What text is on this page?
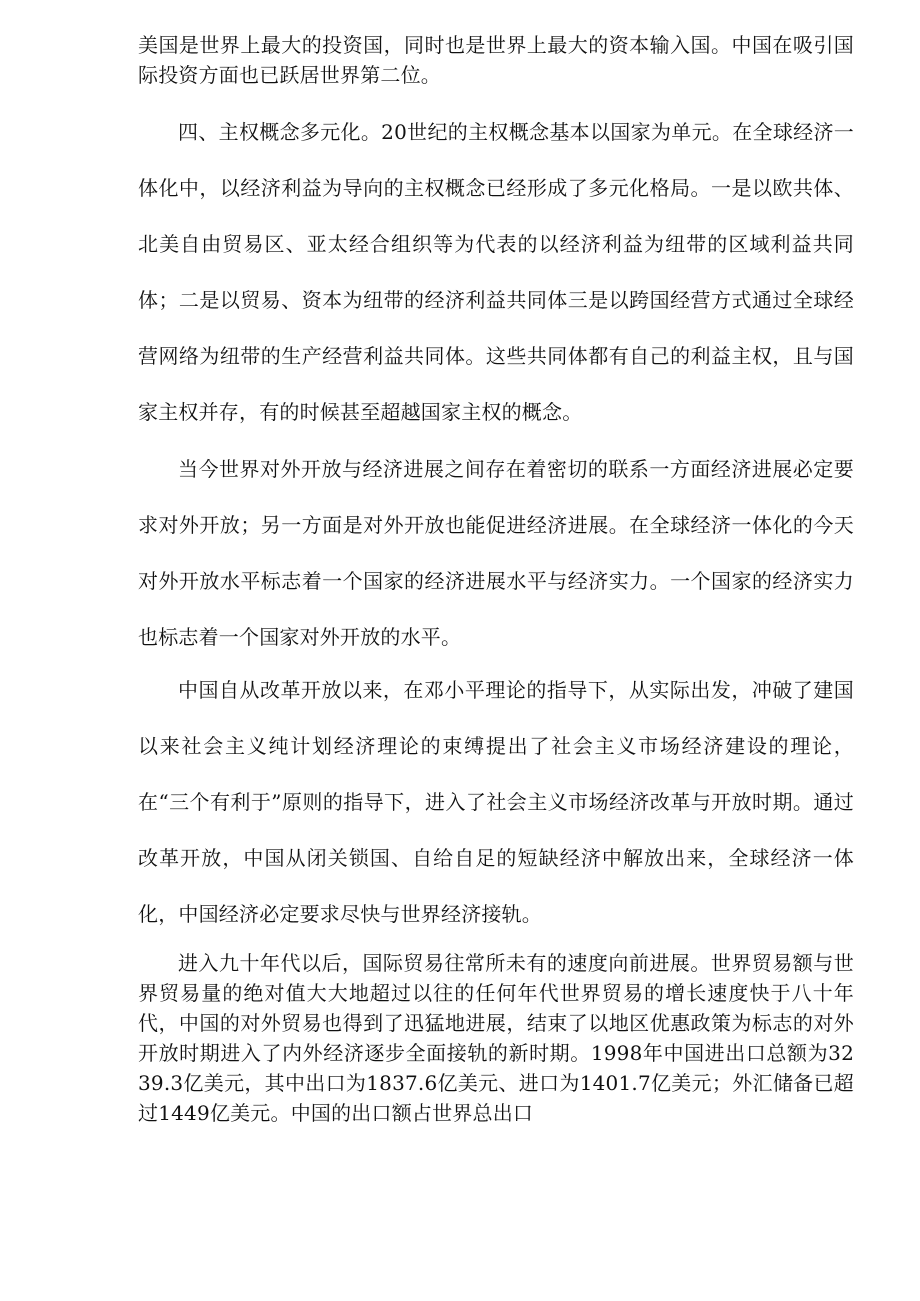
美国是世界上最大的投资国，同时也是世界上最大的资本输入国。中国在吸引国际投资方面也已跃居世界第二位。

四、主权概念多元化。20世纪的主权概念基本以国家为单元。在全球经济一体化中，以经济利益为导向的主权概念已经形成了多元化格局。一是以欧共体、北美自由贸易区、亚太经合组织等为代表的以经济利益为纽带的区域利益共同体；二是以贸易、资本为纽带的经济利益共同体三是以跨国经营方式通过全球经营网络为纽带的生产经营利益共同体。这些共同体都有自己的利益主权，且与国家主权并存，有的时候甚至超越国家主权的概念。

当今世界对外开放与经济进展之间存在着密切的联系一方面经济进展必定要求对外开放；另一方面是对外开放也能促进经济进展。在全球经济一体化的今天对外开放水平标志着一个国家的经济进展水平与经济实力。一个国家的经济实力也标志着一个国家对外开放的水平。

中国自从改革开放以来，在邓小平理论的指导下，从实际出发，冲破了建国以来社会主义纯计划经济理论的束缚提出了社会主义市场经济建设的理论，在“三个有利于”原则的指导下，进入了社会主义市场经济改革与开放时期。通过改革开放，中国从闭关锁国、自给自足的短缺经济中解放出来，全球经济一体化，中国经济必定要求尽快与世界经济接轨。

进入九十年代以后，国际贸易往常所未有的速度向前进展。世界贸易额与世界贸易量的绝对值大大地超过以往的任何年代世界贸易的增长速度快于八十年代，中国的对外贸易也得到了迅猛地进展，结束了以地区优惠政策为标志的对外开放时期进入了内外经济逐步全面接轨的新时期。1998年中国进出口总额为3239.3亿美元，其中出口为1837.6亿美元、进口为1401.7亿美元；外汇储备已超过1449亿美元。中国的出口额占世界总出口
